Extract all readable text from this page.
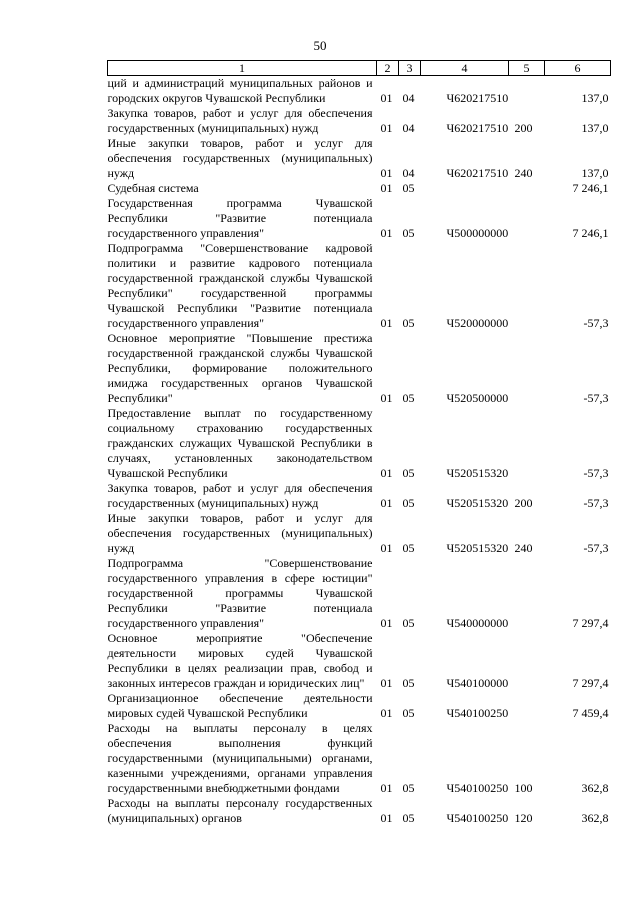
50
1	2	3	4	5	6
ций и администраций муниципальных районов и городских округов Чувашской Республики	01	04	Ч620217510		137,0
Закупка товаров, работ и услуг для обеспечения государственных (муниципальных) нужд	01	04	Ч620217510	200	137,0
Иные закупки товаров, работ и услуг для обеспечения государственных (муниципальных) нужд	01	04	Ч620217510	240	137,0
Судебная система	01	05			7 246,1
Государственная программа Чувашской Республики "Развитие потенциала государственного управления"	01	05	Ч500000000		7 246,1
Подпрограмма "Совершенствование кадровой политики и развитие кадрового потенциала государственной гражданской службы Чувашской Республики" государственной программы Чувашской Республики "Развитие потенциала государственного управления"	01	05	Ч520000000		-57,3
Основное мероприятие "Повышение престижа государственной гражданской службы Чувашской Республики, формирование положительного имиджа государственных органов Чувашской Республики"	01	05	Ч520500000		-57,3
Предоставление выплат по государственному социальному страхованию государственных гражданских служащих Чувашской Республики в случаях, установленных законодательством Чувашской Республики	01	05	Ч520515320		-57,3
Закупка товаров, работ и услуг для обеспечения государственных (муниципальных) нужд	01	05	Ч520515320	200	-57,3
Иные закупки товаров, работ и услуг для обеспечения государственных (муниципальных) нужд	01	05	Ч520515320	240	-57,3
Подпрограмма "Совершенствование государственного управления в сфере юстиции" государственной программы Чувашской Республики "Развитие потенциала государственного управления"	01	05	Ч540000000		7 297,4
Основное мероприятие "Обеспечение деятельности мировых судей Чувашской Республики в целях реализации прав, свобод и законных интересов граждан и юридических лиц"	01	05	Ч540100000		7 297,4
Организационное обеспечение деятельности мировых судей Чувашской Республики	01	05	Ч540100250		7 459,4
Расходы на выплаты персоналу в целях обеспечения выполнения функций государственными (муниципальными) органами, казенными учреждениями, органами управления государственными внебюджетными фондами	01	05	Ч540100250	100	362,8
Расходы на выплаты персоналу государственных (муниципальных) органов	01	05	Ч540100250	120	362,8
